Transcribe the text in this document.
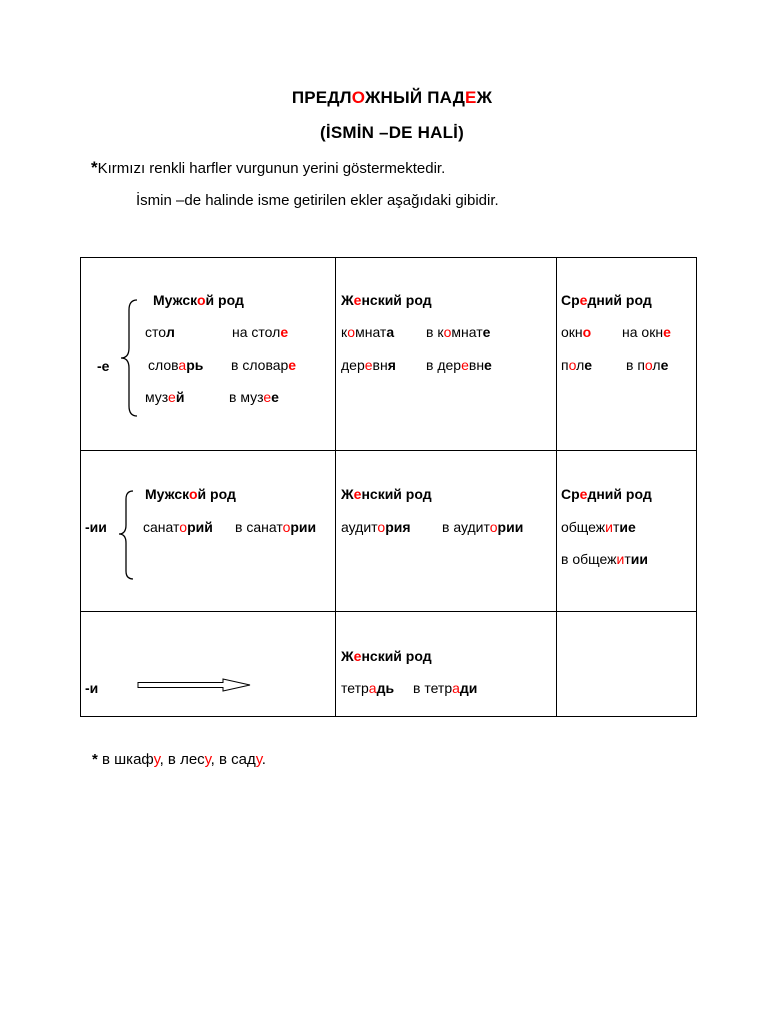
ПРЕДЛОЖНЫЙ ПАДЕЖ
(İSMİN –DE HALİ)
*Kırmızı renkli harfler vurgunun yerini göstermektedir.
İsmin –de halinde isme getirilen ekler aşağıdaki gibidir.
-е
Мужской род
стол	на столе
словарь в словаре
музей	в музее
Женский род
комната в комнате
деревня в деревне
Средний род
окно на окне
поле в поле
-ии
Мужской род
санаторий в санатории
Женский род
аудитория в аудитории
Средний род
общежитие
в общежитии
-и
Женский род
тетрадь в тетради
* в шкафу, в лесу, в саду.
